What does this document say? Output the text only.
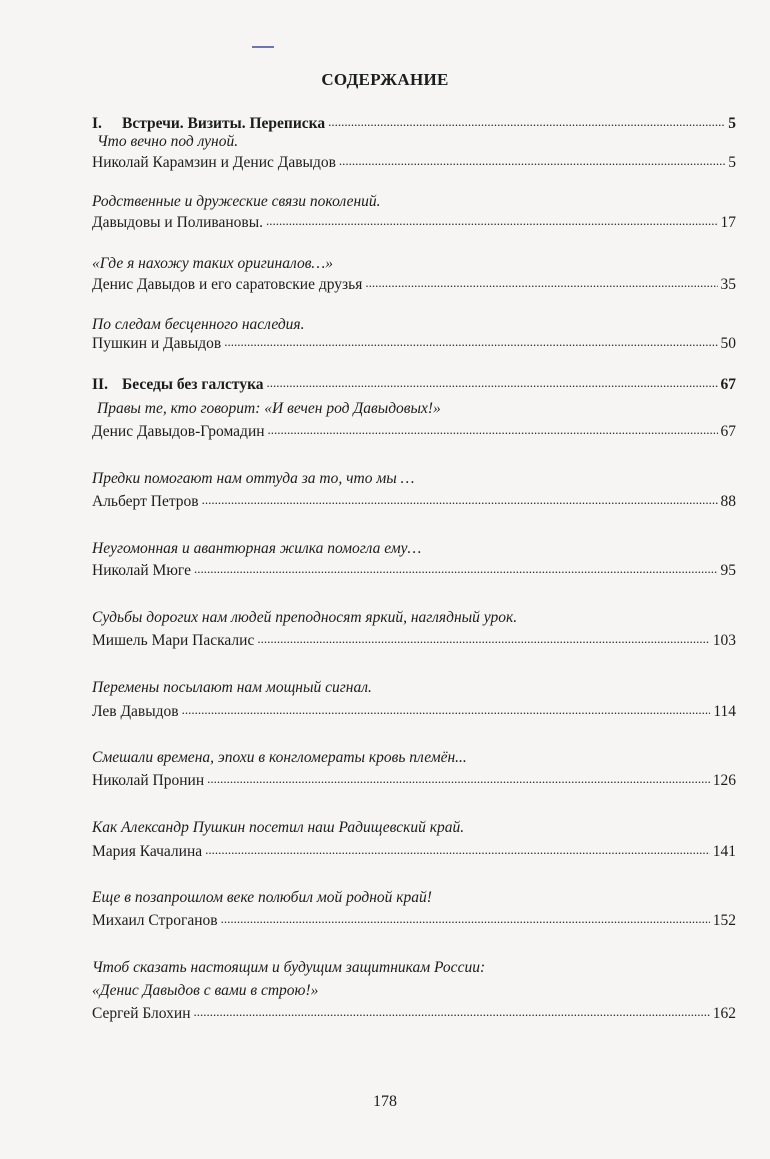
СОДЕРЖАНИЕ
I. Встречи. Визиты. Переписка .....	5
Что вечно под луной.
Николай Карамзин и Денис Давыдов .....	5
Родственные и дружеские связи поколений.
Давыдовы и Поливановы. .....	17
«Где я нахожу таких оригиналов…»
Денис Давыдов и его саратовские друзья .....	35
По следам бесценного наследия.
Пушкин и Давыдов .....	50
II. Беседы без галстука .....	67
Правы те, кто говорит: «И вечен род Давыдовых!»
Денис Давыдов-Громадин .....	67
Предки помогают нам оттуда за то, что мы …
Альберт Петров .....	88
Неугомонная и авантюрная жилка помогла ему…
Николай Мюге .....	95
Судьбы дорогих нам людей преподносят яркий, наглядный урок.
Мишель Мари Паскалис .....	103
Перемены посылают нам мощный сигнал.
Лев Давыдов .....	114
Смешали времена, эпохи в конгломераты кровь племён...
Николай Пронин .....	126
Как Александр Пушкин посетил наш Радищевский край.
Мария Качалина .....	141
Еще в позапрошлом веке полюбил мой родной край!
Михаил Строганов .....	152
Чтоб сказать настоящим и будущим защитникам России:
«Денис Давыдов с вами в строю!»
Сергей Блохин .....	162
178
